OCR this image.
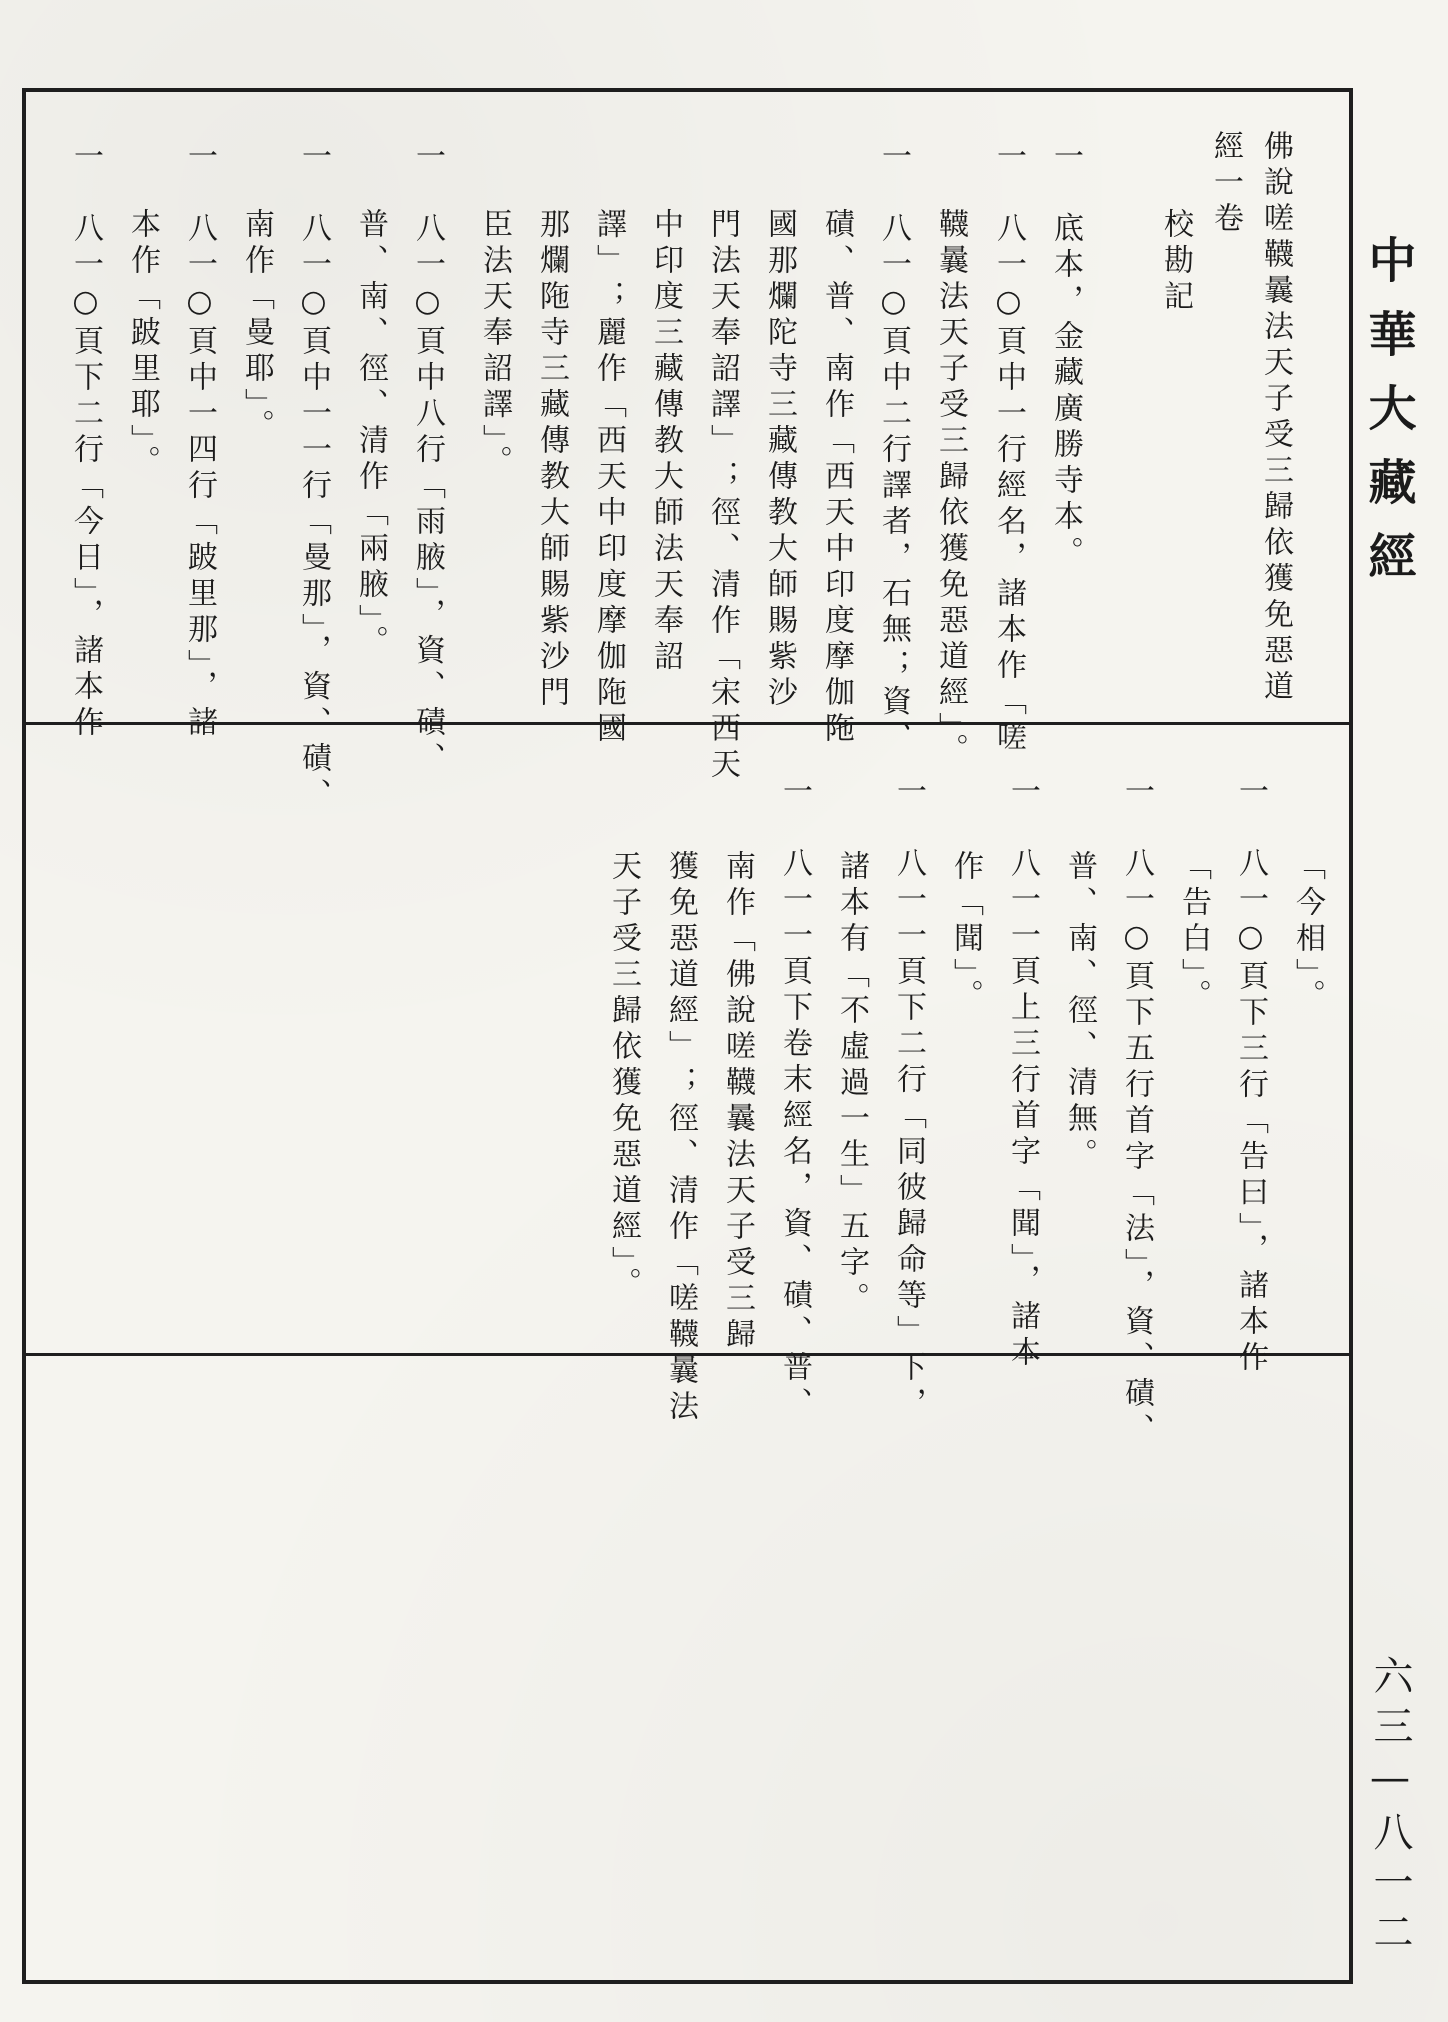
中華大藏經
六三—八一二
佛說嗟韈曩法天子受三歸依獲免惡道
經一卷
校勘記
一　底本，金藏廣勝寺本。
一　八一○頁中一行經名，諸本作「嗟
韈曩法天子受三歸依獲免惡道經」。
一　八一○頁中二行譯者，石無；資、
磧、普、南作「西天中印度摩伽陁
國那爛陀寺三藏傳教大師賜紫沙
門法天奉詔譯」；徑、清作「宋西天
中印度三藏傳教大師法天奉詔
譯」；麗作「西天中印度摩伽陁國
那爛陁寺三藏傳教大師賜紫沙門
臣法天奉詔譯」。
一　八一○頁中八行「雨腋」，資、磧、
普、南、徑、清作「兩腋」。
一　八一○頁中一一行「曼那」，資、磧、
南作「曼耶」。
一　八一○頁中一四行「跛里那」，諸
本作「跛里耶」。
一　八一○頁下二行「今日」，諸本作
「今相」。
一　八一○頁下三行「告曰」，諸本作
「告白」。
一　八一○頁下五行首字「法」，資、磧、
普、南、徑、清無。
一　八一一頁上三行首字「聞」，諸本
作「聞」。
一　八一一頁下二行「同彼歸命等」下，
諸本有「不虛過一生」五字。
一　八一一頁下卷末經名，資、磧、普、
南作「佛說嗟韈曩法天子受三歸
獲免惡道經」；徑、清作「嗟韈曩法
天子受三歸依獲免惡道經」。
